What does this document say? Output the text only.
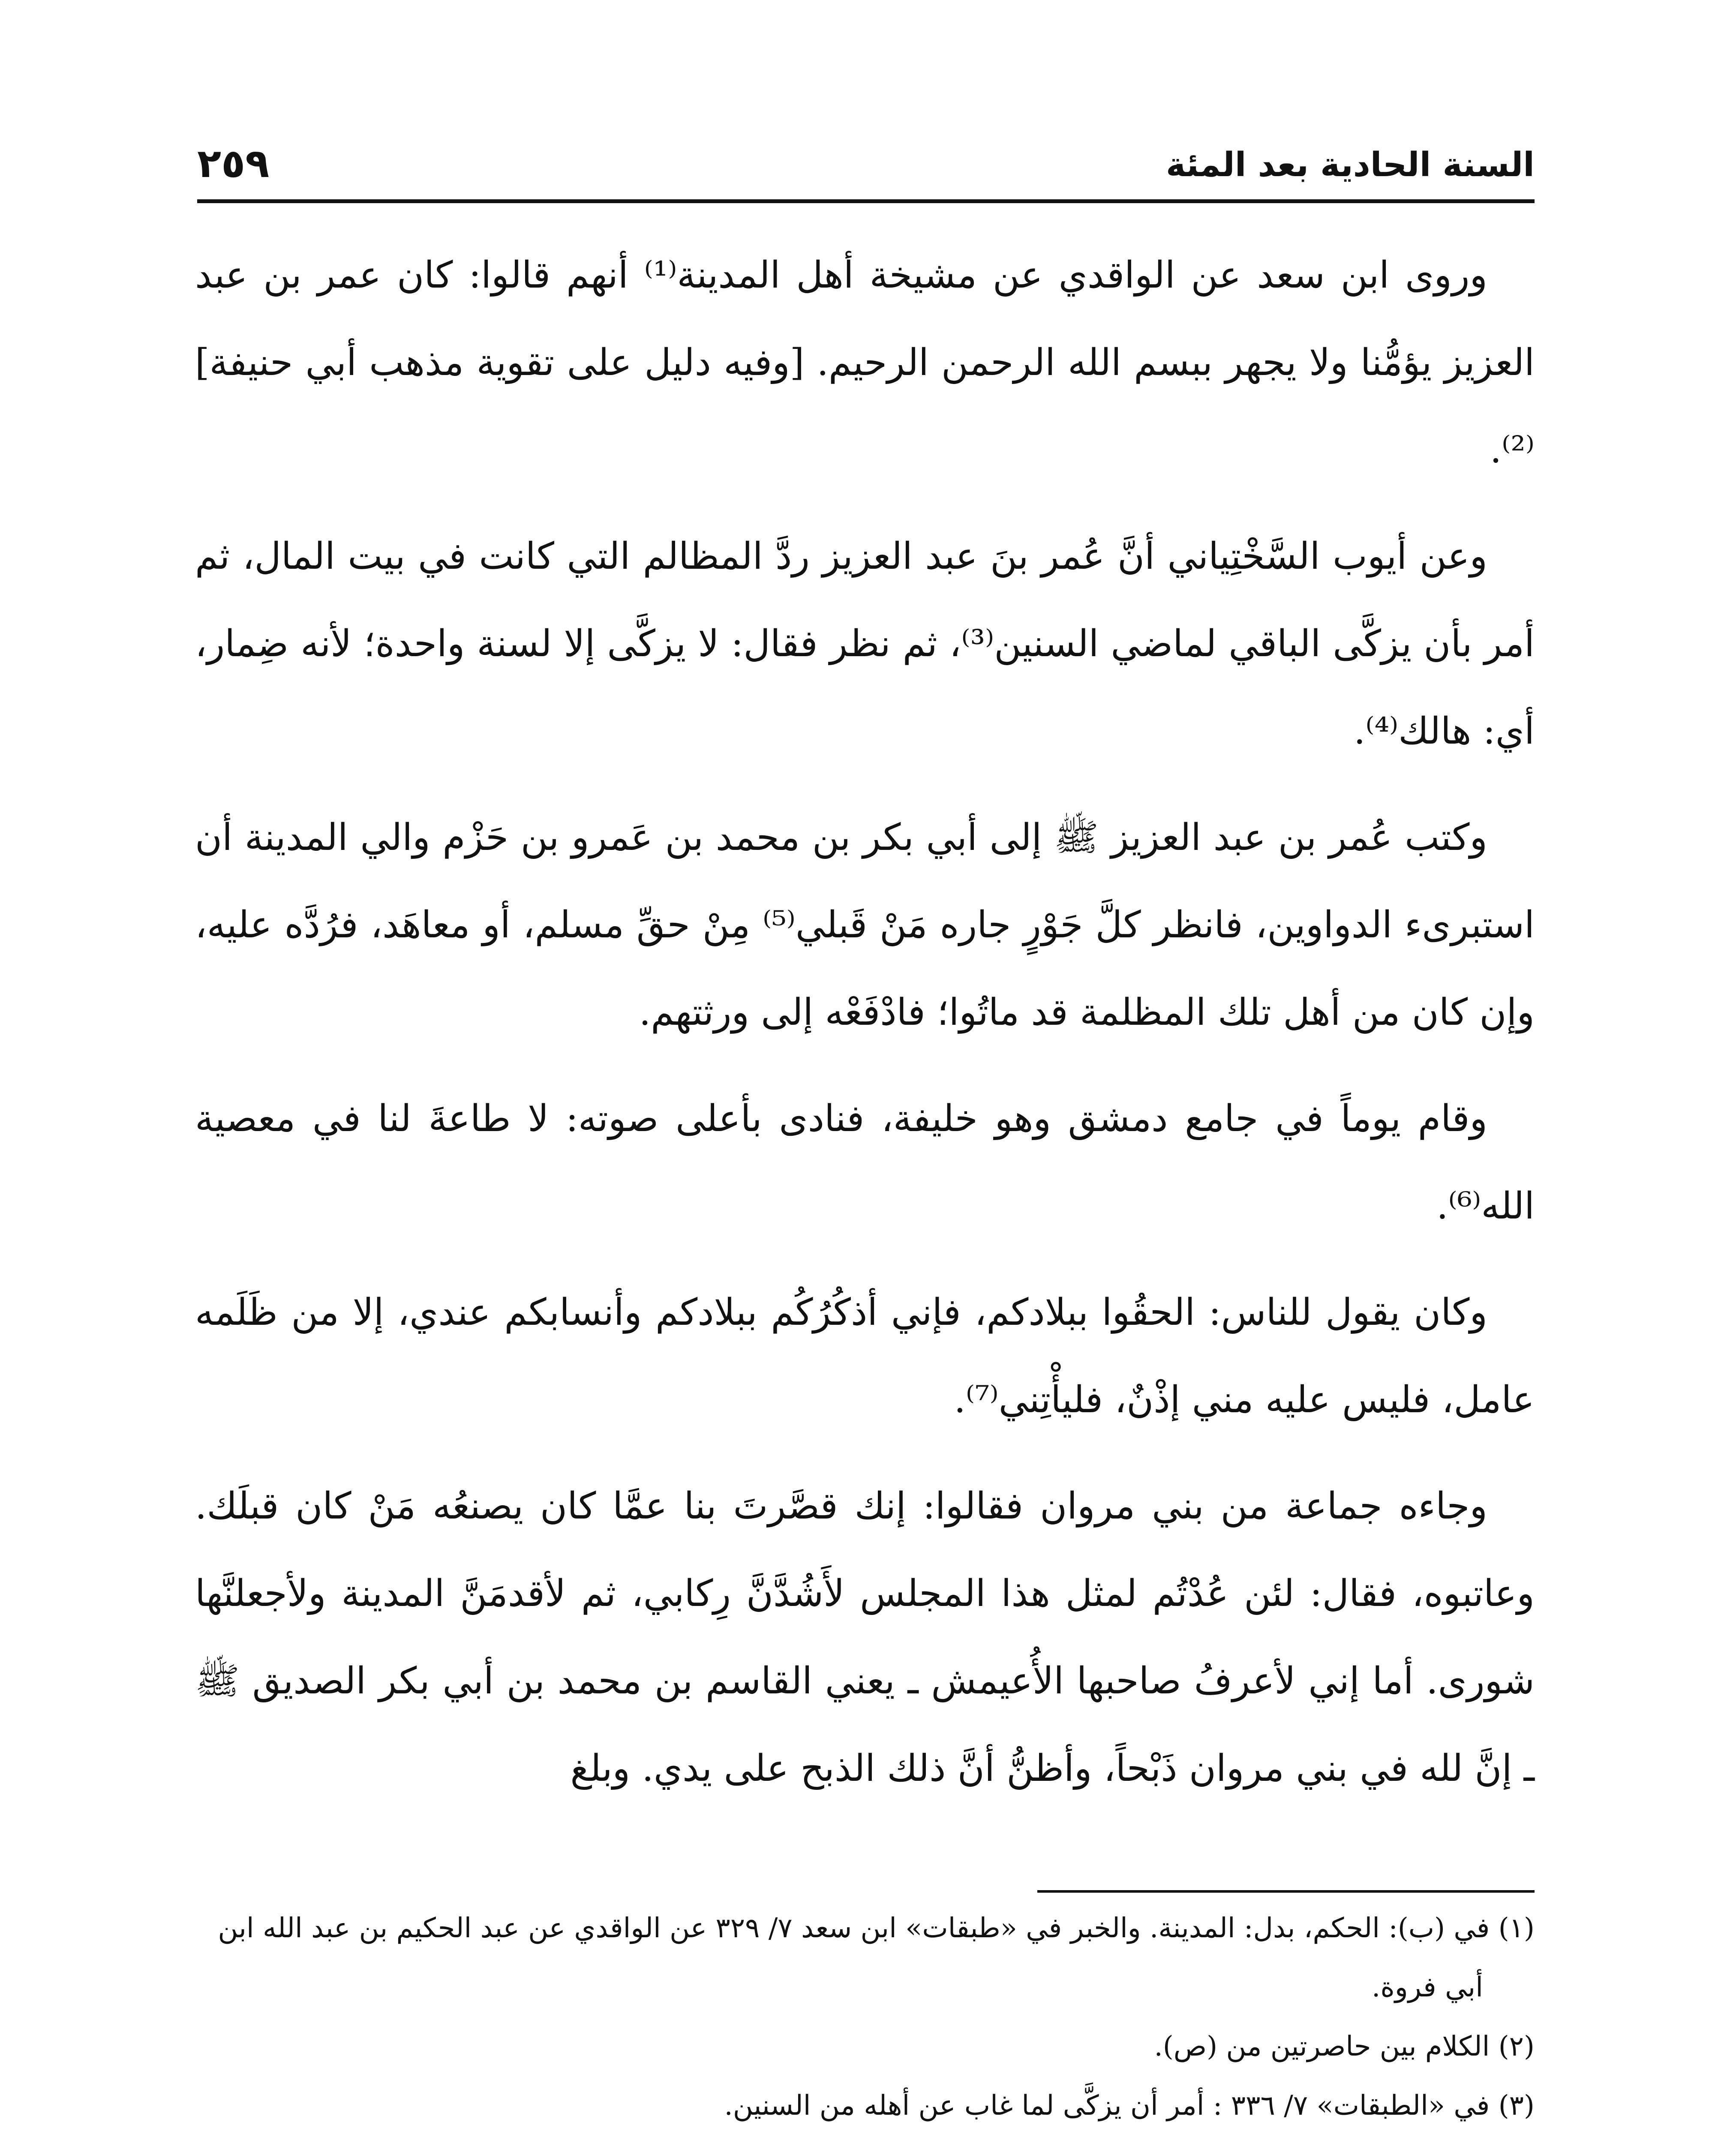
السنة الحادية بعد المئة
٢٥٩

وروى ابن سعد عن الواقدي عن مشيخة أهل المدينة⁽¹⁾ أنهم قالوا: كان عمر بن عبد العزيز يؤمُّنا ولا يجهر ببسم الله الرحمن الرحيم. [وفيه دليل على تقوية مذهب أبي حنيفة]⁽²⁾.

وعن أيوب السَّخْتِياني أنَّ عُمر بنَ عبد العزيز ردَّ المظالم التي كانت في بيت المال، ثم أمر بأن يزكَّى الباقي لماضي السنين⁽³⁾، ثم نظر فقال: لا يزكَّى إلا لسنة واحدة؛ لأنه ضِمار، أي: هالك⁽⁴⁾.

وكتب عُمر بن عبد العزيز ﷺ إلى أبي بكر بن محمد بن عَمرو بن حَزْم والي المدينة أن استبرىء الدواوين، فانظر كلَّ جَوْرٍ جاره مَنْ قَبلي⁽⁵⁾ مِنْ حقِّ مسلم، أو معاهَد، فرُدَّه عليه، وإن كان من أهل تلك المظلمة قد ماتُوا؛ فادْفَعْه إلى ورثتهم.

وقام يوماً في جامع دمشق وهو خليفة، فنادى بأعلى صوته: لا طاعةَ لنا في معصية الله⁽⁶⁾.

وكان يقول للناس: الحقُوا ببلادكم، فإني أذكُرُكُم ببلادكم وأنسابكم عندي، إلا من ظَلَمه عامل، فليس عليه مني إذْنٌ، فليأْتِني⁽⁷⁾.

وجاءه جماعة من بني مروان فقالوا: إنك قصَّرتَ بنا عمَّا كان يصنعُه مَنْ كان قبلَك. وعاتبوه، فقال: لئن عُدْتُم لمثل هذا المجلس لأَشُدَّنَّ رِكابي، ثم لأقدمَنَّ المدينة ولأجعلنَّها شورى. أما إني لأعرفُ صاحبها الأُعيمش ـ يعني القاسم بن محمد بن أبي بكر الصديق ﷺ ـ إنَّ لله في بني مروان ذَبْحاً، وأظنُّ أنَّ ذلك الذبح على يدي. وبلغ

(١) في (ب): الحكم، بدل: المدينة. والخبر في «طبقات» ابن سعد ٧/ ٣٢٩ عن الواقدي عن عبد الحكيم بن عبد الله ابن أبي فروة.

(٢) الكلام بين حاصرتين من (ص).

(٣) في «الطبقات» ٧/ ٣٣٦ : أمر أن يزكَّى لما غاب عن أهله من السنين.
